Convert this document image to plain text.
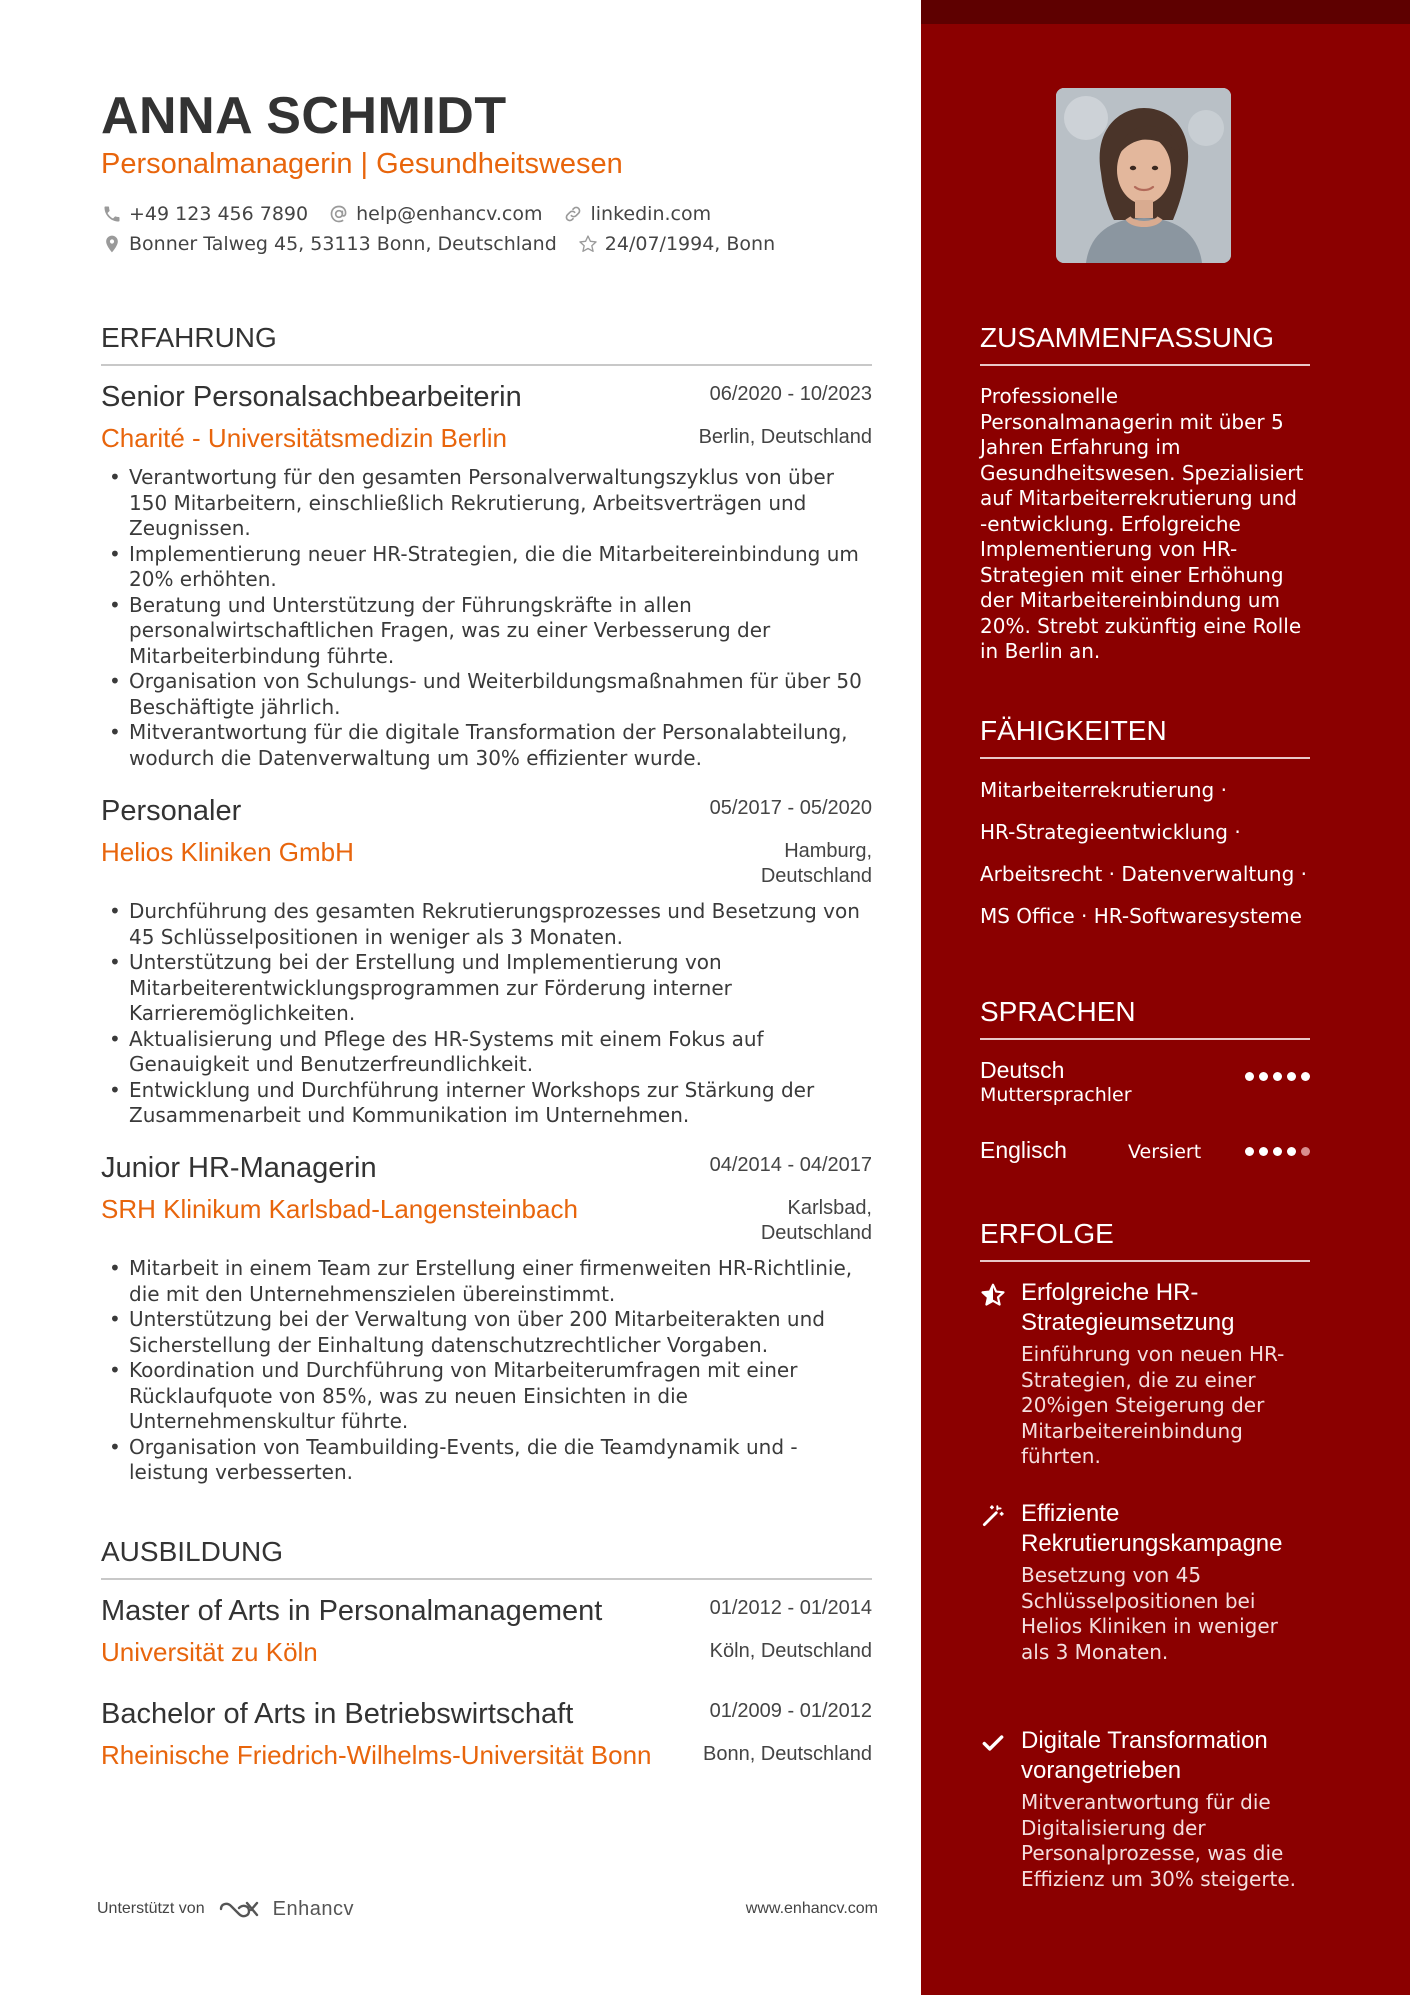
ANNA SCHMIDT
Personalmanagerin | Gesundheitswesen
+49 123 456 7890	help@enhancv.com	linkedin.com
Bonner Talweg 45, 53113 Bonn, Deutschland	24/07/1994, Bonn
ERFAHRUNG
Senior Personalsachbearbeiterin	06/2020 - 10/2023
Charité - Universitätsmedizin Berlin	Berlin, Deutschland
• Verantwortung für den gesamten Personalverwaltungszyklus von über 150 Mitarbeitern, einschließlich Rekrutierung, Arbeitsverträgen und Zeugnissen.
• Implementierung neuer HR-Strategien, die die Mitarbeitereinbindung um 20% erhöhten.
• Beratung und Unterstützung der Führungskräfte in allen personalwirtschaftlichen Fragen, was zu einer Verbesserung der Mitarbeiterbindung führte.
• Organisation von Schulungs- und Weiterbildungsmaßnahmen für über 50 Beschäftigte jährlich.
• Mitverantwortung für die digitale Transformation der Personalabteilung, wodurch die Datenverwaltung um 30% effizienter wurde.
Personaler	05/2017 - 05/2020
Helios Kliniken GmbH	Hamburg, Deutschland
• Durchführung des gesamten Rekrutierungsprozesses und Besetzung von 45 Schlüsselpositionen in weniger als 3 Monaten.
• Unterstützung bei der Erstellung und Implementierung von Mitarbeiterentwicklungsprogrammen zur Förderung interner Karrieremöglichkeiten.
• Aktualisierung und Pflege des HR-Systems mit einem Fokus auf Genauigkeit und Benutzerfreundlichkeit.
• Entwicklung und Durchführung interner Workshops zur Stärkung der Zusammenarbeit und Kommunikation im Unternehmen.
Junior HR-Managerin	04/2014 - 04/2017
SRH Klinikum Karlsbad-Langensteinbach	Karlsbad, Deutschland
• Mitarbeit in einem Team zur Erstellung einer firmenweiten HR-Richtlinie, die mit den Unternehmenszielen übereinstimmt.
• Unterstützung bei der Verwaltung von über 200 Mitarbeiterakten und Sicherstellung der Einhaltung datenschutzrechtlicher Vorgaben.
• Koordination und Durchführung von Mitarbeiterumfragen mit einer Rücklaufquote von 85%, was zu neuen Einsichten in die Unternehmenskultur führte.
• Organisation von Teambuilding-Events, die die Teamdynamik und -leistung verbesserten.
AUSBILDUNG
Master of Arts in Personalmanagement	01/2012 - 01/2014
Universität zu Köln	Köln, Deutschland
Bachelor of Arts in Betriebswirtschaft	01/2009 - 01/2012
Rheinische Friedrich-Wilhelms-Universität Bonn	Bonn, Deutschland
Unterstützt von	Enhancv	www.enhancv.com
ZUSAMMENFASSUNG
Professionelle Personalmanagerin mit über 5 Jahren Erfahrung im Gesundheitswesen. Spezialisiert auf Mitarbeiterrekrutierung und -entwicklung. Erfolgreiche Implementierung von HR-Strategien mit einer Erhöhung der Mitarbeitereinbindung um 20%. Strebt zukünftig eine Rolle in Berlin an.
FÄHIGKEITEN
Mitarbeiterrekrutierung ·
HR-Strategieentwicklung ·
Arbeitsrecht · Datenverwaltung ·
MS Office · HR-Softwaresysteme
SPRACHEN
Deutsch
Muttersprachler
Englisch	Versiert
ERFOLGE
Erfolgreiche HR-Strategieumsetzung
Einführung von neuen HR-Strategien, die zu einer 20%igen Steigerung der Mitarbeitereinbindung führten.
Effiziente Rekrutierungskampagne
Besetzung von 45 Schlüsselpositionen bei Helios Kliniken in weniger als 3 Monaten.
Digitale Transformation vorangetrieben
Mitverantwortung für die Digitalisierung der Personalprozesse, was die Effizienz um 30% steigerte.
